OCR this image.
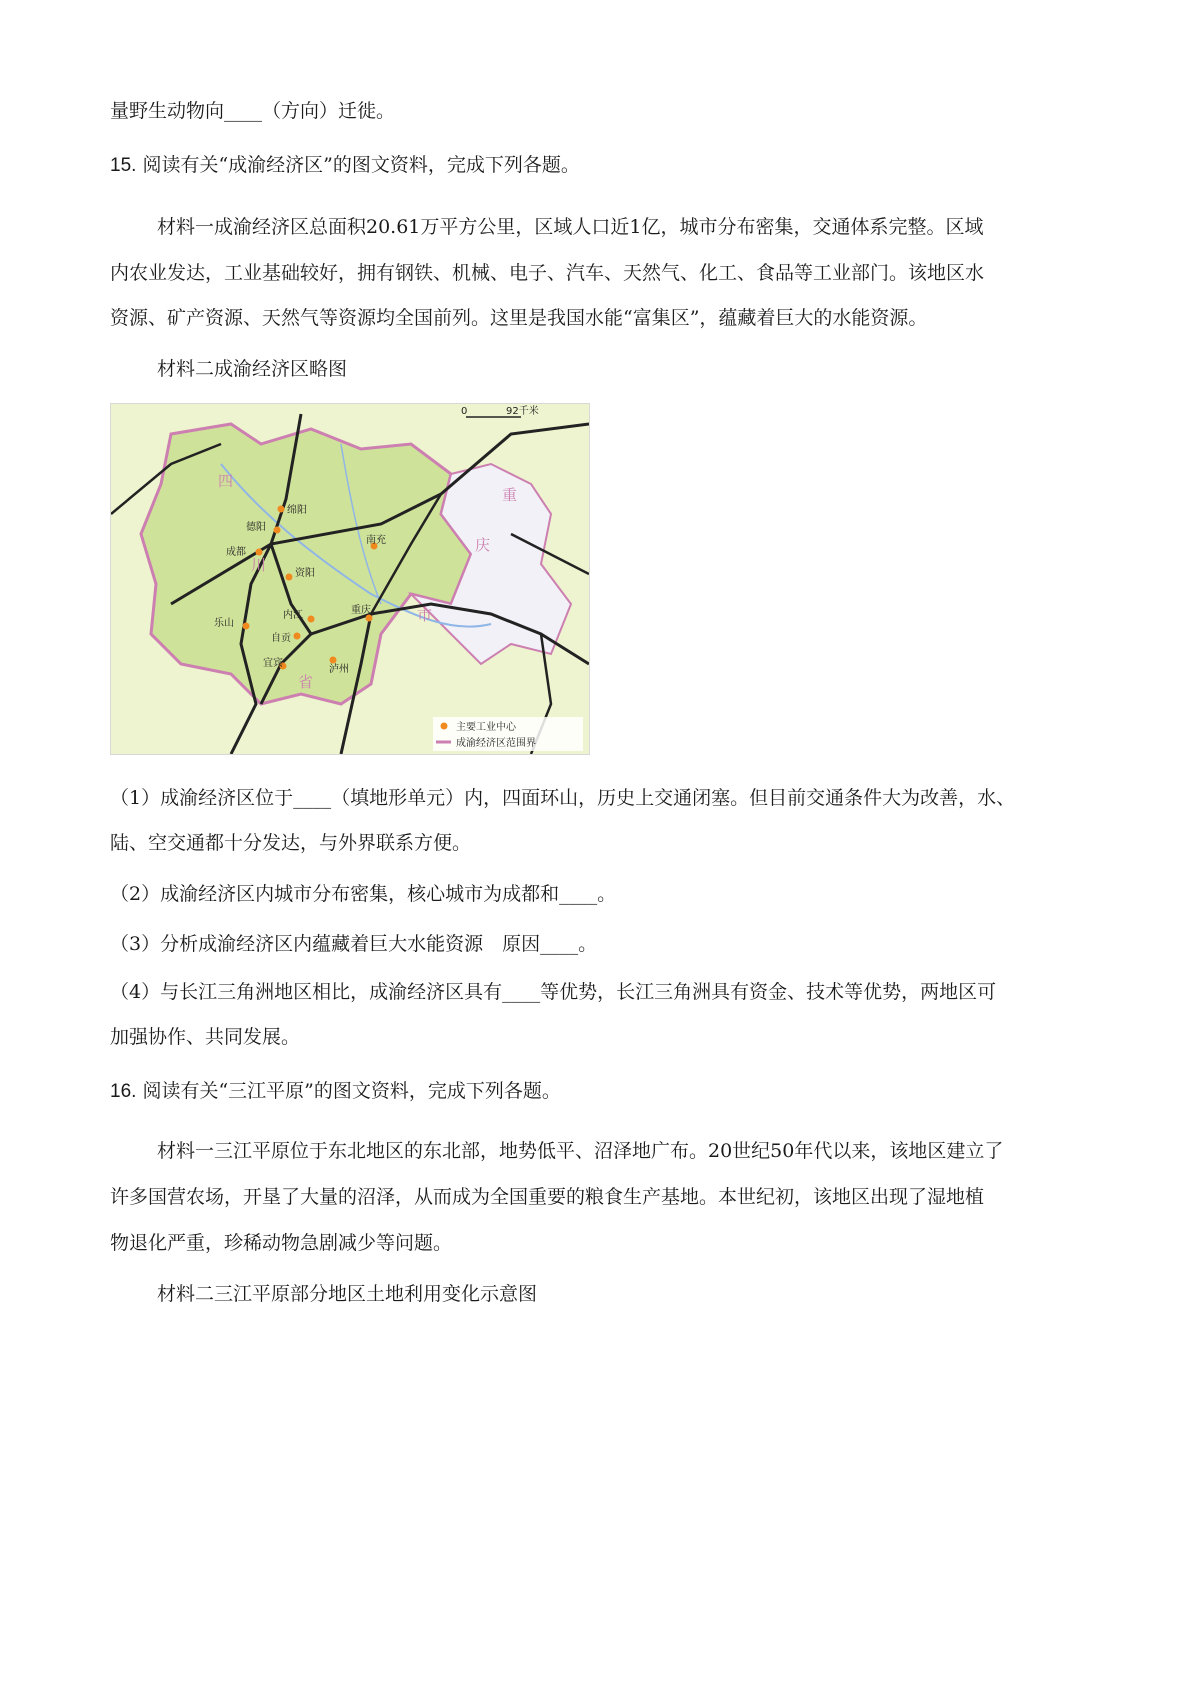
量野生动物向____（方向）迁徙。
15. 阅读有关“成渝经济区”的图文资料，完成下列各题。
材料一成渝经济区总面积20.61万平方公里，区域人口近1亿，城市分布密集，交通体系完整。区域
内农业发达，工业基础较好，拥有钢铁、机械、电子、汽车、天然气、化工、食品等工业部门。该地区水
资源、矿产资源、天然气等资源均全国前列。这里是我国水能“富集区”，蕴藏着巨大的水能资源。
材料二成渝经济区略图
0	92千米
四
川
省
重
庆
市
绵阳
德阳
南充
成都
资阳
乐山
内江
自贡
重庆
宜宾
泸州
主要工业中心
成渝经济区范围界
（1）成渝经济区位于____（填地形单元）内，四面环山，历史上交通闭塞。但目前交通条件大为改善，水、
陆、空交通都十分发达，与外界联系方便。
（2）成渝经济区内城市分布密集，核心城市为成都和____。
（3）分析成渝经济区内蕴藏着巨大水能资源　原因____。
（4）与长江三角洲地区相比，成渝经济区具有____等优势，长江三角洲具有资金、技术等优势，两地区可
加强协作、共同发展。
16. 阅读有关“三江平原”的图文资料，完成下列各题。
材料一三江平原位于东北地区的东北部，地势低平、沼泽地广布。20世纪50年代以来，该地区建立了
许多国营农场，开垦了大量的沼泽，从而成为全国重要的粮食生产基地。本世纪初，该地区出现了湿地植
物退化严重，珍稀动物急剧减少等问题。
材料二三江平原部分地区土地利用变化示意图
